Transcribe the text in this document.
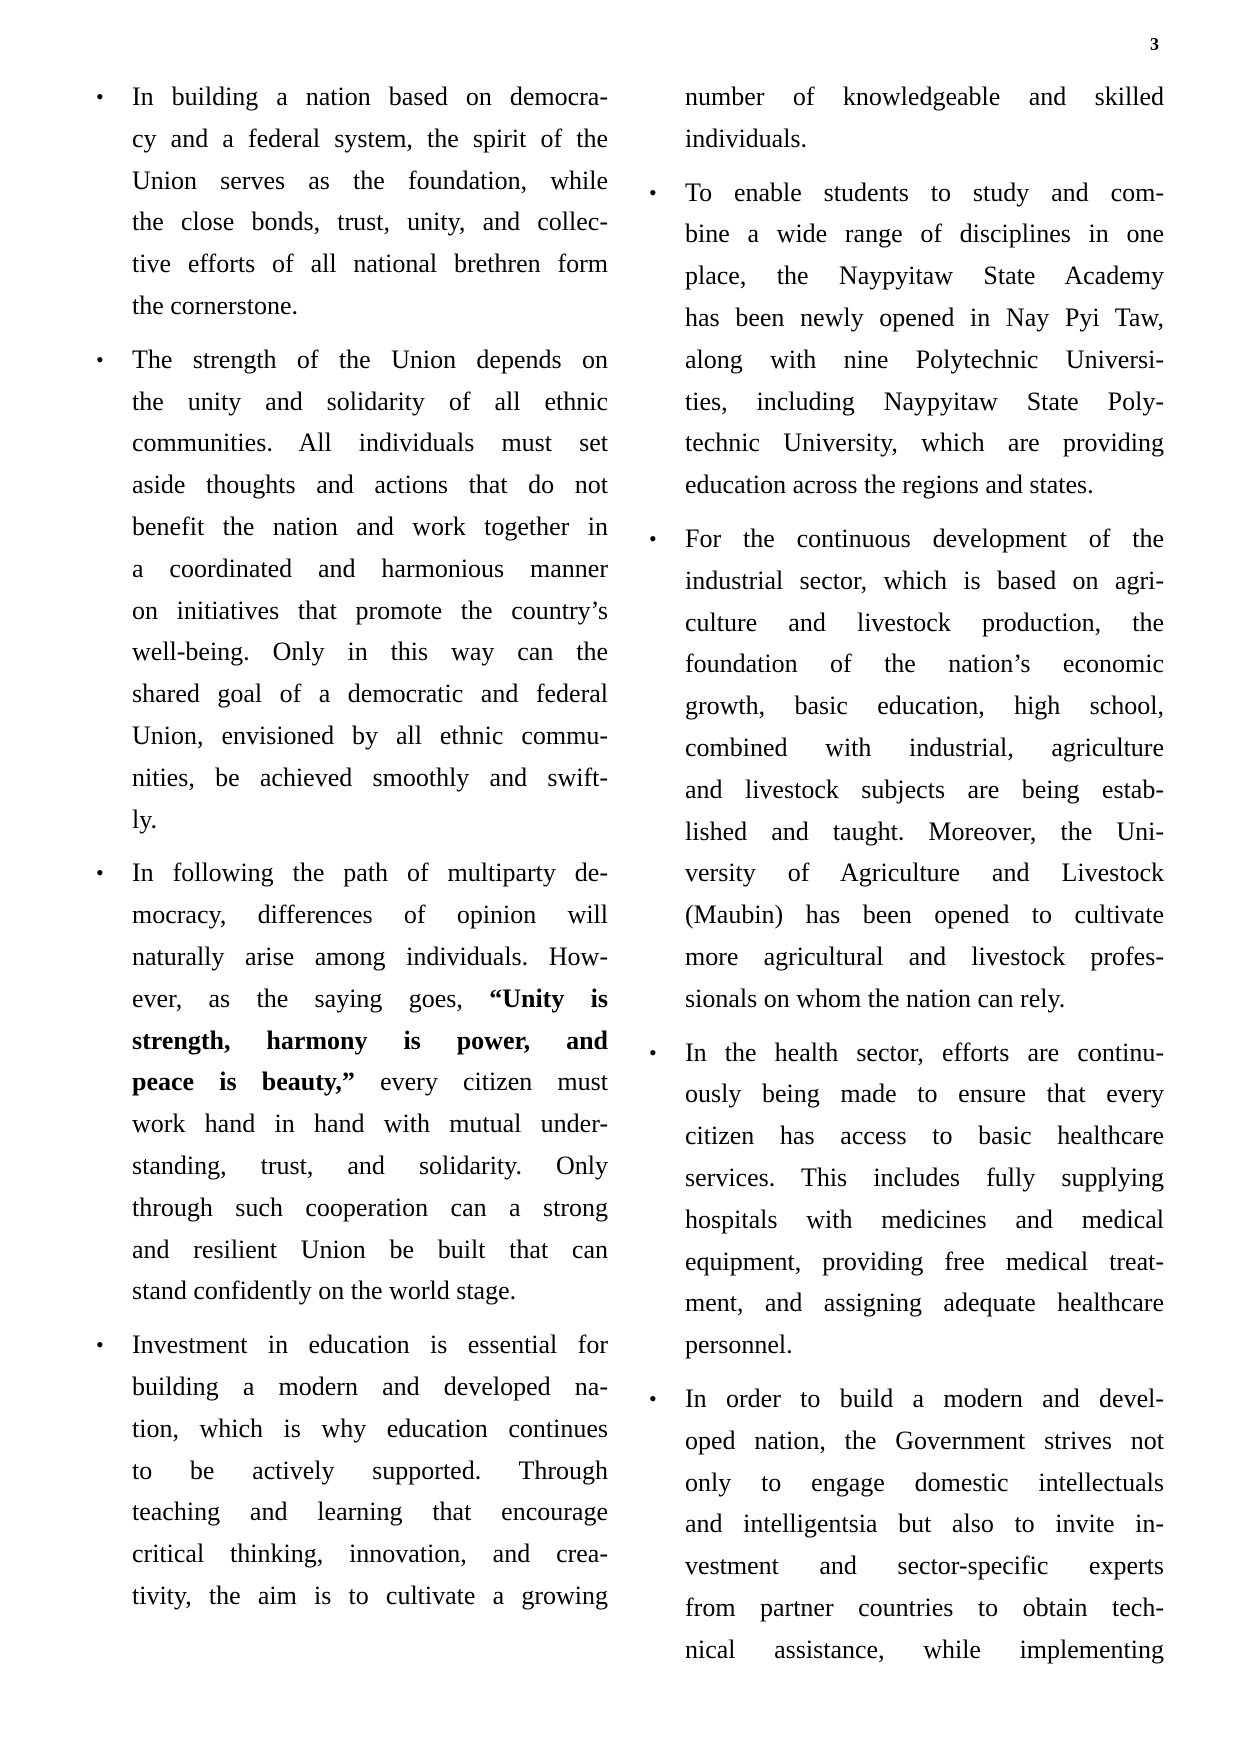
3
• In building a nation based on democra-
cy and a federal system, the spirit of the
Union serves as the foundation, while
the close bonds, trust, unity, and collec-
tive efforts of all national brethren form
the cornerstone.
• The strength of the Union depends on
the unity and solidarity of all ethnic
communities. All individuals must set
aside thoughts and actions that do not
benefit the nation and work together in
a coordinated and harmonious manner
on initiatives that promote the country’s
well-being. Only in this way can the
shared goal of a democratic and federal
Union, envisioned by all ethnic commu-
nities, be achieved smoothly and swift-
ly.
• In following the path of multiparty de-
mocracy, differences of opinion will
naturally arise among individuals. How-
ever, as the saying goes, “Unity is
strength, harmony is power, and
peace is beauty,” every citizen must
work hand in hand with mutual under-
standing, trust, and solidarity. Only
through such cooperation can a strong
and resilient Union be built that can
stand confidently on the world stage.
• Investment in education is essential for
building a modern and developed na-
tion, which is why education continues
to be actively supported. Through
teaching and learning that encourage
critical thinking, innovation, and crea-
tivity, the aim is to cultivate a growing
number of knowledgeable and skilled
individuals.
• To enable students to study and com-
bine a wide range of disciplines in one
place, the Naypyitaw State Academy
has been newly opened in Nay Pyi Taw,
along with nine Polytechnic Universi-
ties, including Naypyitaw State Poly-
technic University, which are providing
education across the regions and states.
• For the continuous development of the
industrial sector, which is based on agri-
culture and livestock production, the
foundation of the nation’s economic
growth, basic education, high school,
combined with industrial, agriculture
and livestock subjects are being estab-
lished and taught. Moreover, the Uni-
versity of Agriculture and Livestock
(Maubin) has been opened to cultivate
more agricultural and livestock profes-
sionals on whom the nation can rely.
• In the health sector, efforts are continu-
ously being made to ensure that every
citizen has access to basic healthcare
services. This includes fully supplying
hospitals with medicines and medical
equipment, providing free medical treat-
ment, and assigning adequate healthcare
personnel.
• In order to build a modern and devel-
oped nation, the Government strives not
only to engage domestic intellectuals
and intelligentsia but also to invite in-
vestment and sector-specific experts
from partner countries to obtain tech-
nical assistance, while implementing
